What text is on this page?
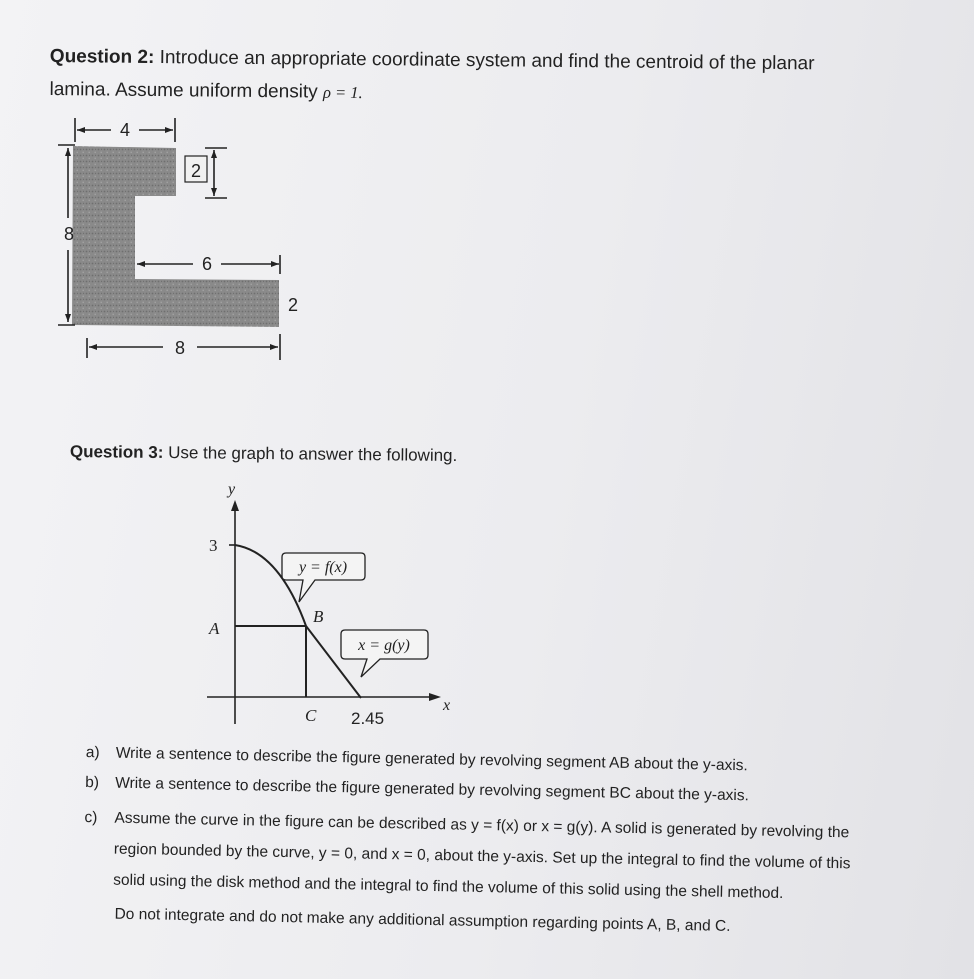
Question 2: Introduce an appropriate coordinate system and find the centroid of the planar
lamina. Assume uniform density ρ = 1.
4
8
2
6
2
8
Question 3: Use the graph to answer the following.
y
x
3
A
B
C 2.45
y = f(x)
x = g(y)
a) Write a sentence to describe the figure generated by revolving segment AB about the y-axis.
b) Write a sentence to describe the figure generated by revolving segment BC about the y-axis.
c) Assume the curve in the figure can be described as y = f(x) or x = g(y). A solid is generated by revolving the region bounded by the curve, y = 0, and x = 0, about the y-axis. Set up the integral to find the volume of this solid using the disk method and the integral to find the volume of this solid using the shell method.
Do not integrate and do not make any additional assumption regarding points A, B, and C.
